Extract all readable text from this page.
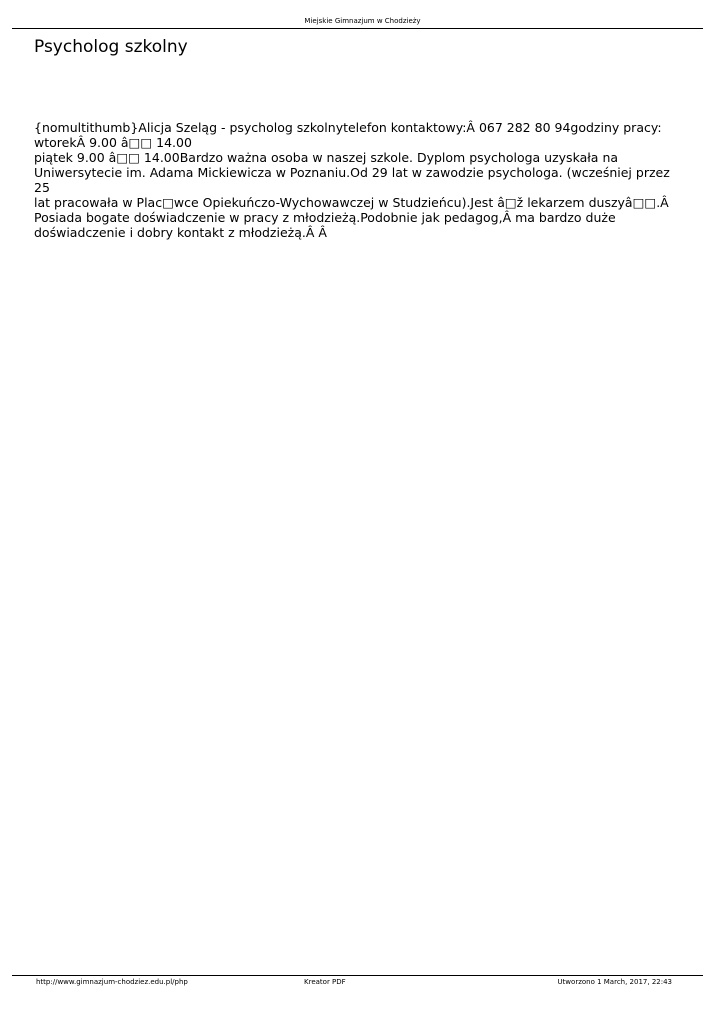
Miejskie Gimnazjum w Chodzieży
Psycholog szkolny

{nomultithumb}Alicja Szeląg - psycholog szkolnytelefon kontaktowy:Â 067 282 80 94godziny pracy:

wtorekÂ 9.00 â□□ 14.00

piątek 9.00 â□□ 14.00Bardzo ważna osoba w naszej szkole. Dyplom psychologa uzyskała na

Uniwersytecie im. Adama Mickiewicza w Poznaniu.Od 29 lat w zawodzie psychologa. (wcześniej przez 25

lat pracowała w Plac□wce Opiekuńczo-Wychowawczej w Studzieńcu).Jest â□ž lekarzem duszyâ□□.Â

Posiada bogate doświadczenie w pracy z młodzieżą.Podobnie jak pedagog,Â ma bardzo duże

doświadczenie i dobry kontakt z młodzieżą.Â Â

http://www.gimnazjum-chodziez.edu.pl/php	Kreator PDF	Utworzono 1 March, 2017, 22:43
